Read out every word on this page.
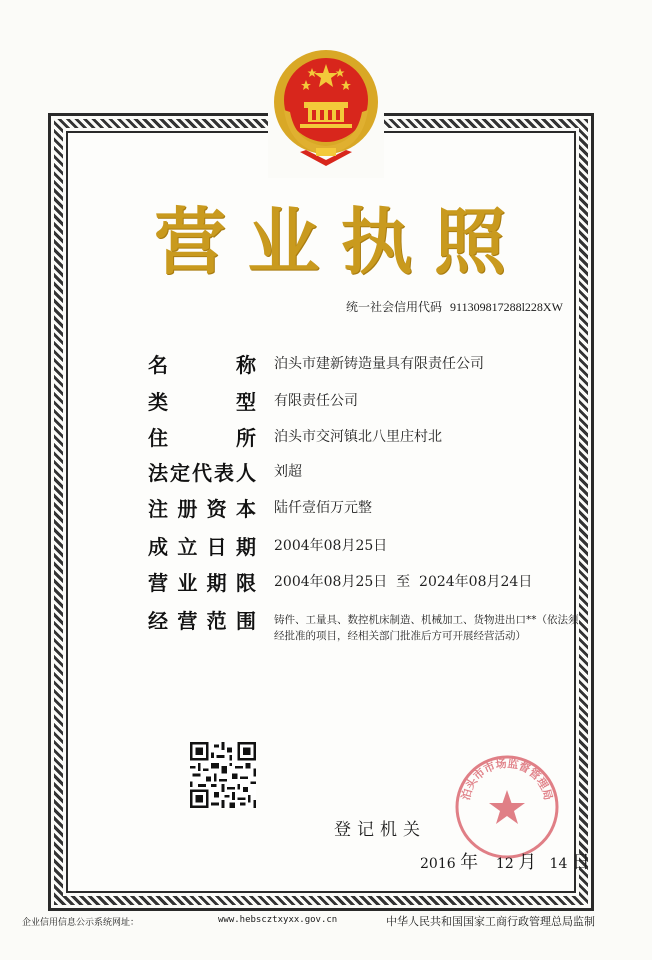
营 业 执 照
统一社会信用代码 911309817288l228XW
名	称 泊头市建新铸造量具有限责任公司
类	型 有限责任公司
住	所 泊头市交河镇北八里庄村北
法 定 代 表 人 刘超
注 册 资 本 陆仟壹佰万元整
成 立 日 期 2004年08月25日
营 业 期 限 2004年08月25日  至  2024年08月24日
经 营 范 围 铸件、工量具、数控机床制造、机械加工、货物进出口**（依法须经批准的项目，经相关部门批准后方可开展经营活动）
泊头市市场监督管理局
登记机关
2016 年 12 月 14 日
企业信用信息公示系统网址：	www.hebscztxyxx.gov.cn	中华人民共和国国家工商行政管理总局监制
